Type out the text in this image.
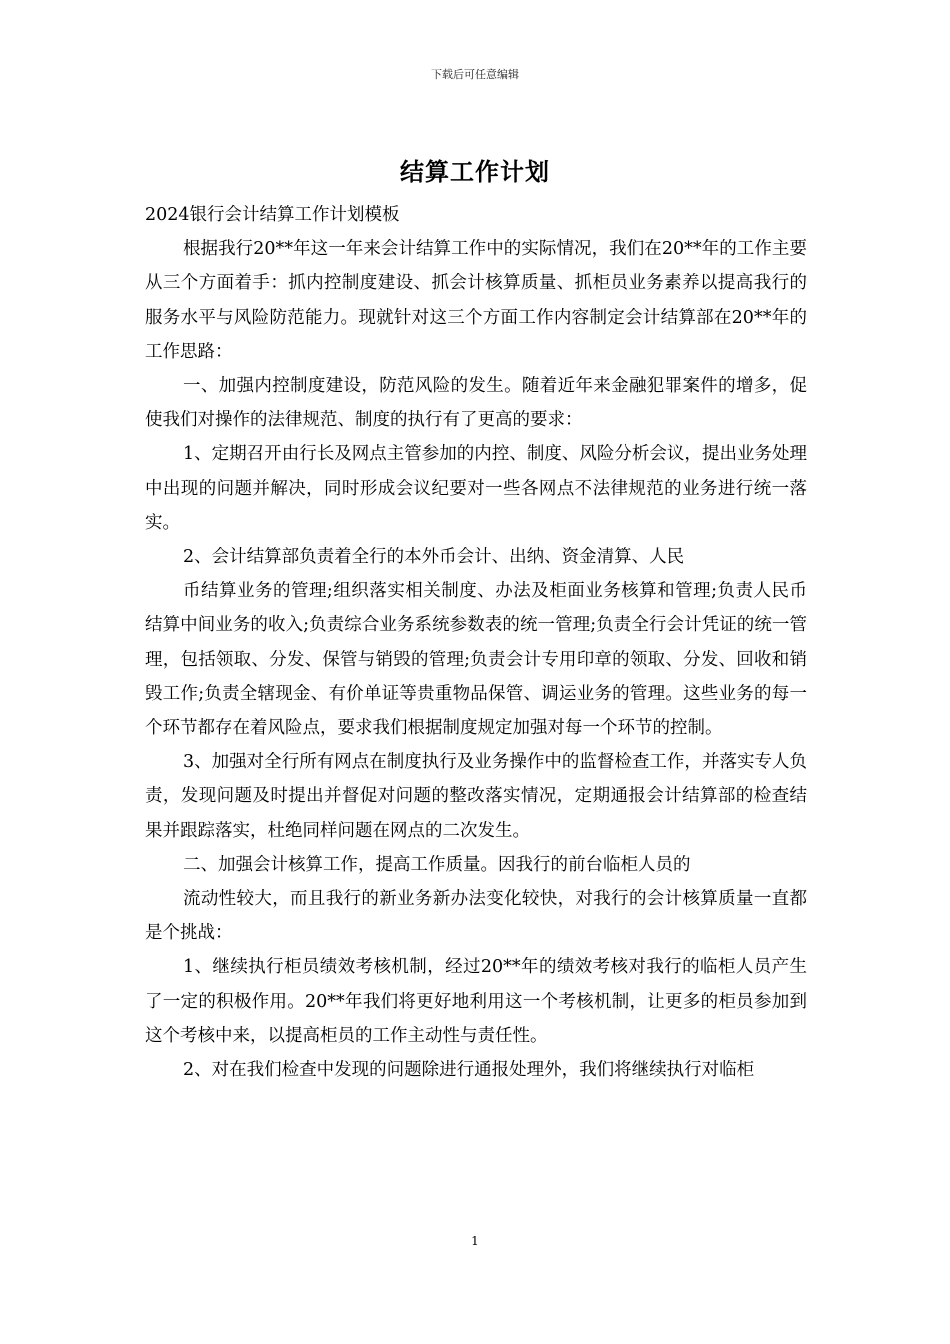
下载后可任意编辑
结算工作计划

2024银行会计结算工作计划模板

根据我行20**年这一年来会计结算工作中的实际情况，我们在20**年的工作主要从三个方面着手：抓内控制度建设、抓会计核算质量、抓柜员业务素养以提高我行的服务水平与风险防范能力。现就针对这三个方面工作内容制定会计结算部在20**年的工作思路：

一、加强内控制度建设，防范风险的发生。随着近年来金融犯罪案件的增多，促使我们对操作的法律规范、制度的执行有了更高的要求：

1、定期召开由行长及网点主管参加的内控、制度、风险分析会议，提出业务处理中出现的问题并解决，同时形成会议纪要对一些各网点不法律规范的业务进行统一落实。

2、会计结算部负责着全行的本外币会计、出纳、资金清算、人民

币结算业务的管理;组织落实相关制度、办法及柜面业务核算和管理;负责人民币结算中间业务的收入;负责综合业务系统参数表的统一管理;负责全行会计凭证的统一管理，包括领取、分发、保管与销毁的管理;负责会计专用印章的领取、分发、回收和销毁工作;负责全辖现金、有价单证等贵重物品保管、调运业务的管理。这些业务的每一个环节都存在着风险点，要求我们根据制度规定加强对每一个环节的控制。

3、加强对全行所有网点在制度执行及业务操作中的监督检查工作，并落实专人负责，发现问题及时提出并督促对问题的整改落实情况，定期通报会计结算部的检查结果并跟踪落实，杜绝同样问题在网点的二次发生。

二、加强会计核算工作，提高工作质量。因我行的前台临柜人员的

流动性较大，而且我行的新业务新办法变化较快，对我行的会计核算质量一直都是个挑战：

1、继续执行柜员绩效考核机制，经过20**年的绩效考核对我行的临柜人员产生了一定的积极作用。20**年我们将更好地利用这一个考核机制，让更多的柜员参加到这个考核中来，以提高柜员的工作主动性与责任性。

2、对在我们检查中发现的问题除进行通报处理外，我们将继续执行对临柜

1
